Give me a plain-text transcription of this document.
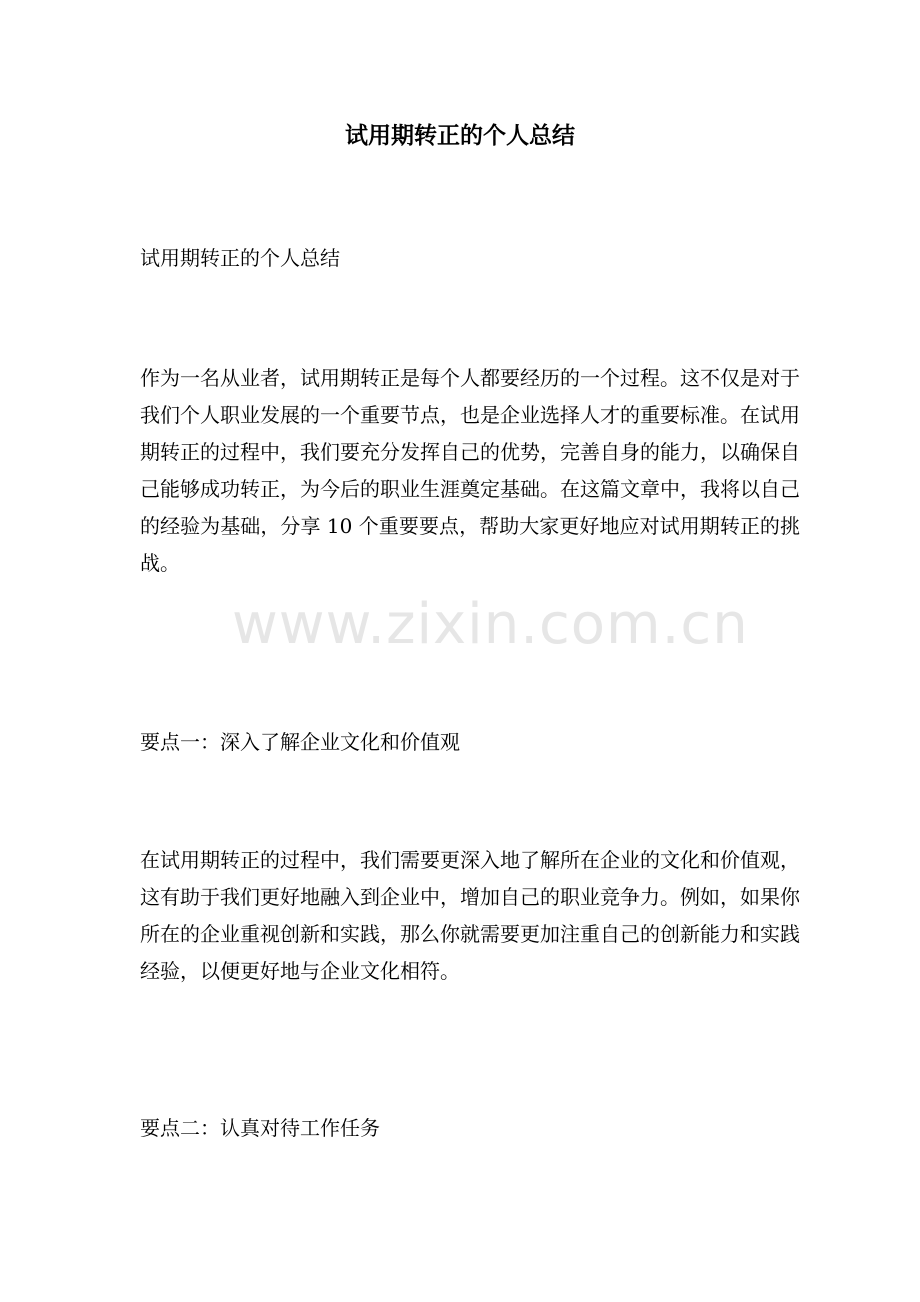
试用期转正的个人总结

试用期转正的个人总结

作为一名从业者，试用期转正是每个人都要经历的一个过程。这不仅是对于我们个人职业发展的一个重要节点，也是企业选择人才的重要标准。在试用期转正的过程中，我们要充分发挥自己的优势，完善自身的能力，以确保自己能够成功转正，为今后的职业生涯奠定基础。在这篇文章中，我将以自己的经验为基础，分享 10 个重要要点，帮助大家更好地应对试用期转正的挑战。

要点一：深入了解企业文化和价值观

在试用期转正的过程中，我们需要更深入地了解所在企业的文化和价值观，这有助于我们更好地融入到企业中，增加自己的职业竞争力。例如，如果你所在的企业重视创新和实践，那么你就需要更加注重自己的创新能力和实践经验，以便更好地与企业文化相符。

要点二：认真对待工作任务

www.zixin.com.cn
